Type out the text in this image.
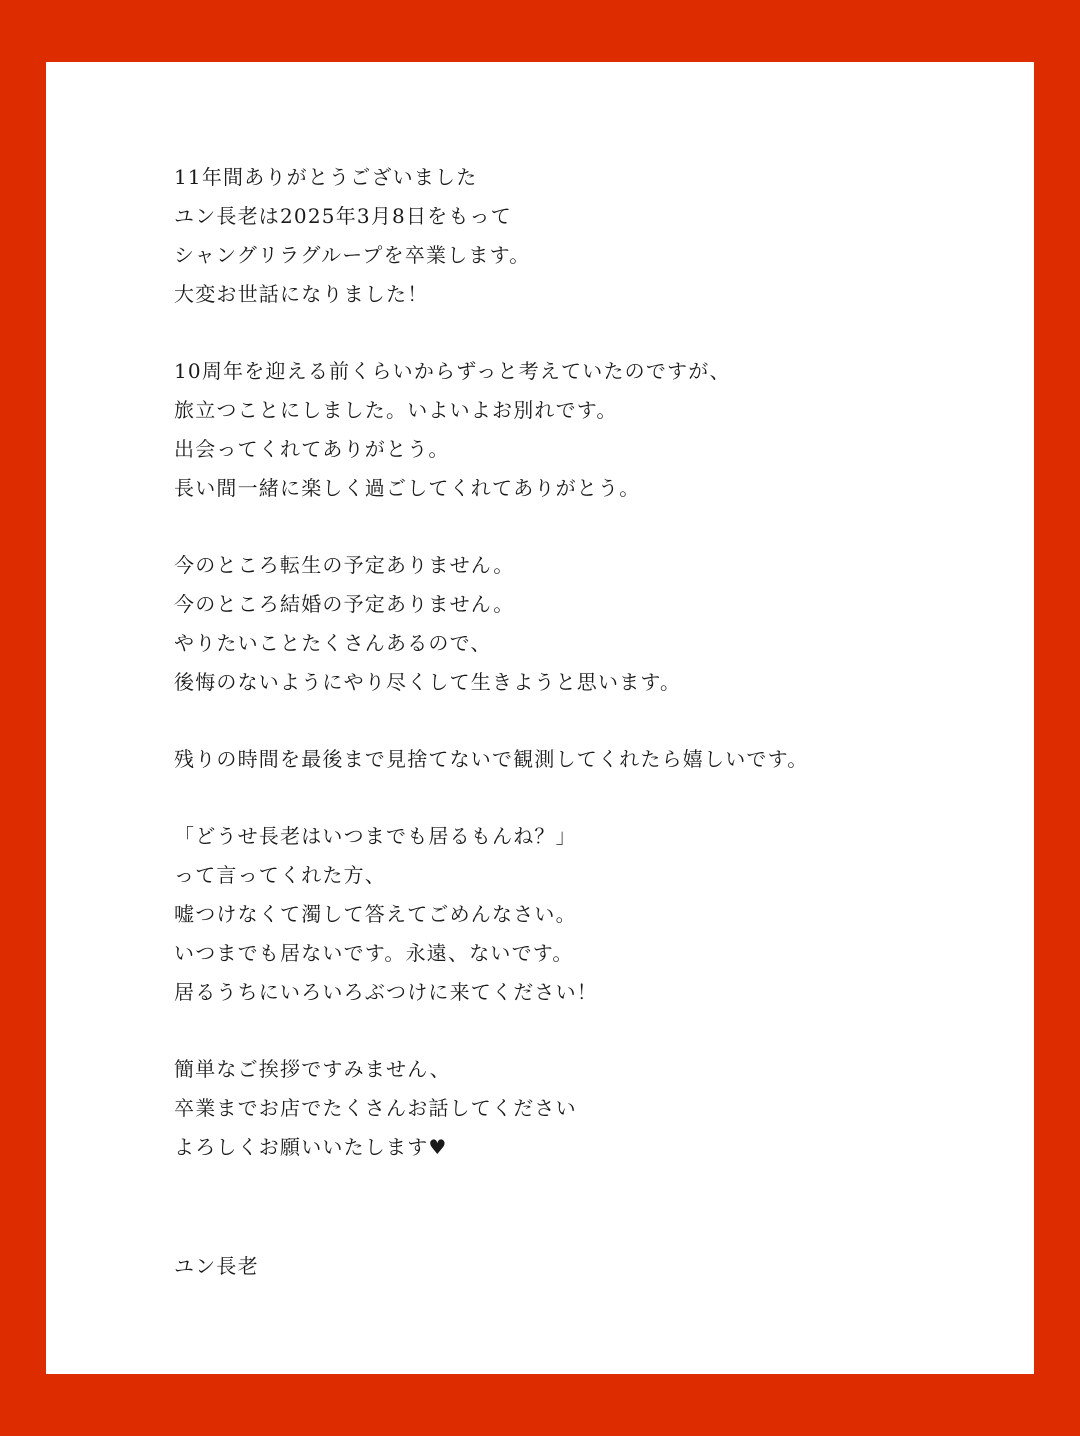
11年間ありがとうございました
ユン長老は2025年3月8日をもって
シャングリラグループを卒業します。
大変お世話になりました！
10周年を迎える前くらいからずっと考えていたのですが、
旅立つことにしました。いよいよお別れです。
出会ってくれてありがとう。
長い間一緒に楽しく過ごしてくれてありがとう。
今のところ転生の予定ありません。
今のところ結婚の予定ありません。
やりたいことたくさんあるので、
後悔のないようにやり尽くして生きようと思います。
残りの時間を最後まで見捨てないで観測してくれたら嬉しいです。
「どうせ長老はいつまでも居るもんね？」
って言ってくれた方、
嘘つけなくて濁して答えてごめんなさい。
いつまでも居ないです。永遠、ないです。
居るうちにいろいろぶつけに来てください！
簡単なご挨拶ですみません、
卒業までお店でたくさんお話してください
よろしくお願いいたします♥
ユン長老
